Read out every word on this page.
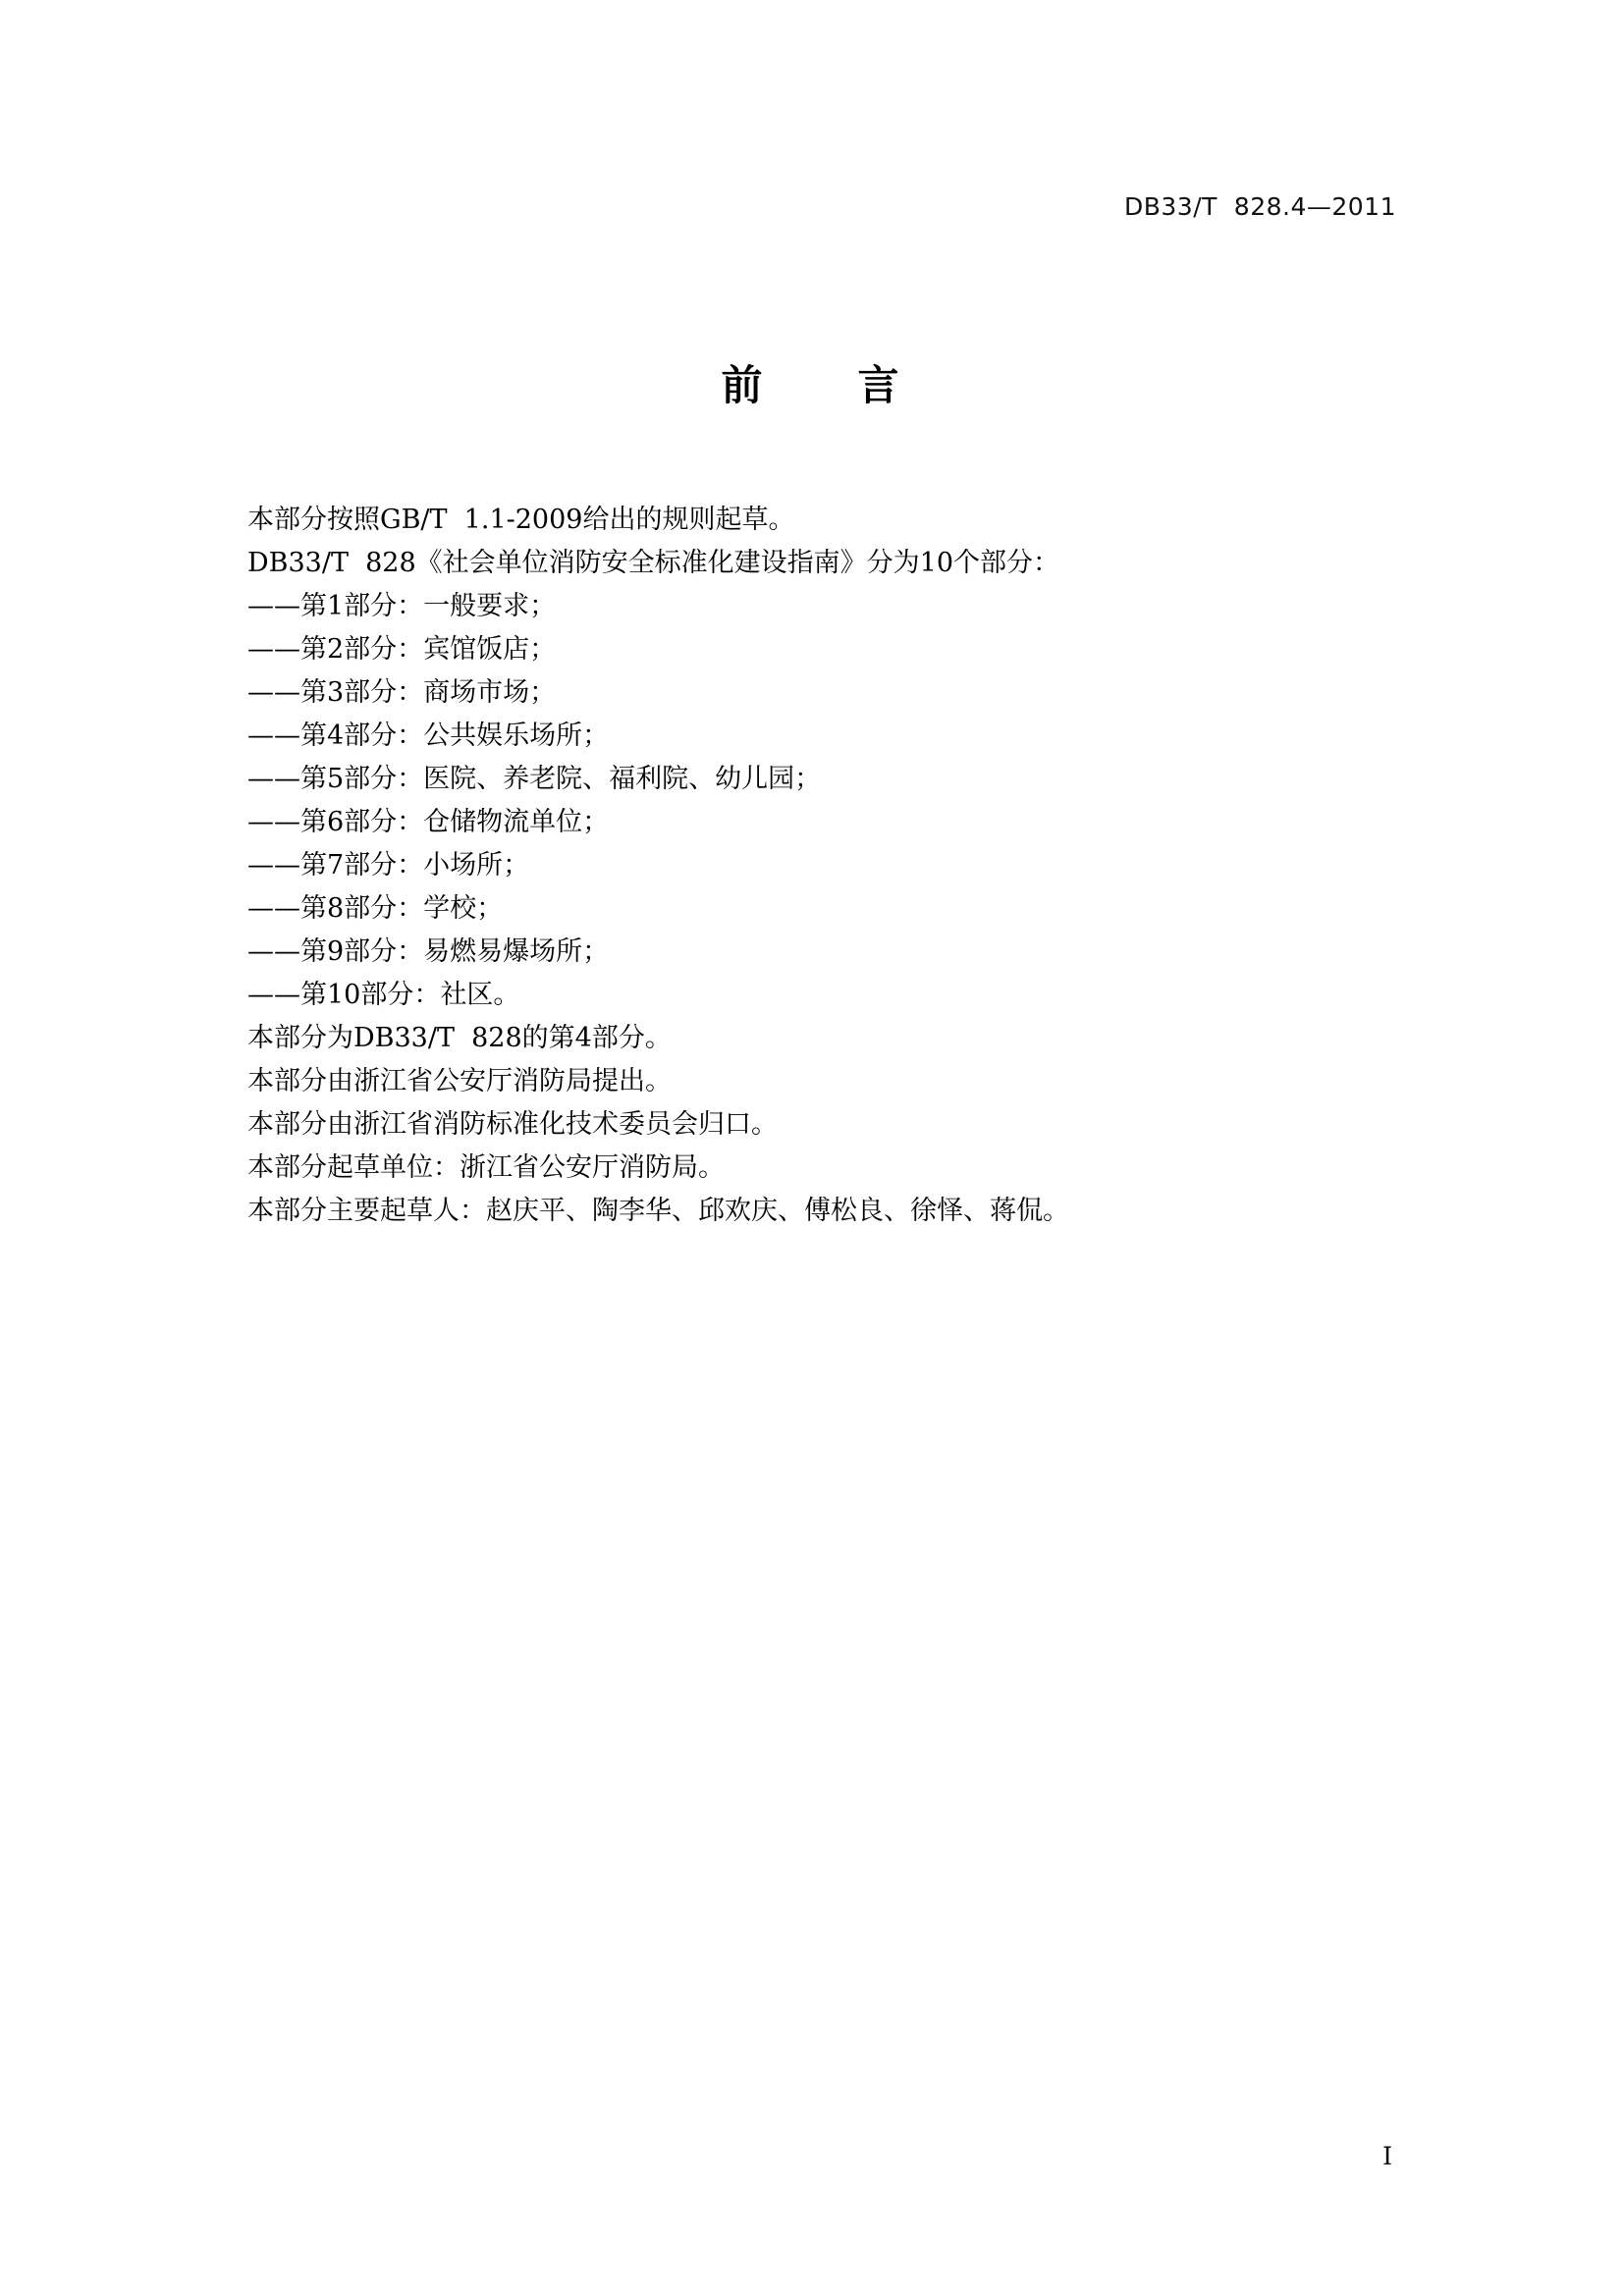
DB33/T  828.4—2011
前     言

本部分按照GB/T  1.1-2009给出的规则起草。

DB33/T  828《社会单位消防安全标准化建设指南》分为10个部分：

——第1部分：一般要求；

——第2部分：宾馆饭店；

——第3部分：商场市场；

——第4部分：公共娱乐场所；

——第5部分：医院、养老院、福利院、幼儿园；

——第6部分：仓储物流单位；

——第7部分：小场所；

——第8部分：学校；

——第9部分：易燃易爆场所；

——第10部分：社区。

本部分为DB33/T  828的第4部分。

本部分由浙江省公安厅消防局提出。

本部分由浙江省消防标准化技术委员会归口。

本部分起草单位：浙江省公安厅消防局。

本部分主要起草人：赵庆平、陶李华、邱欢庆、傅松良、徐怿、蒋侃。

I
